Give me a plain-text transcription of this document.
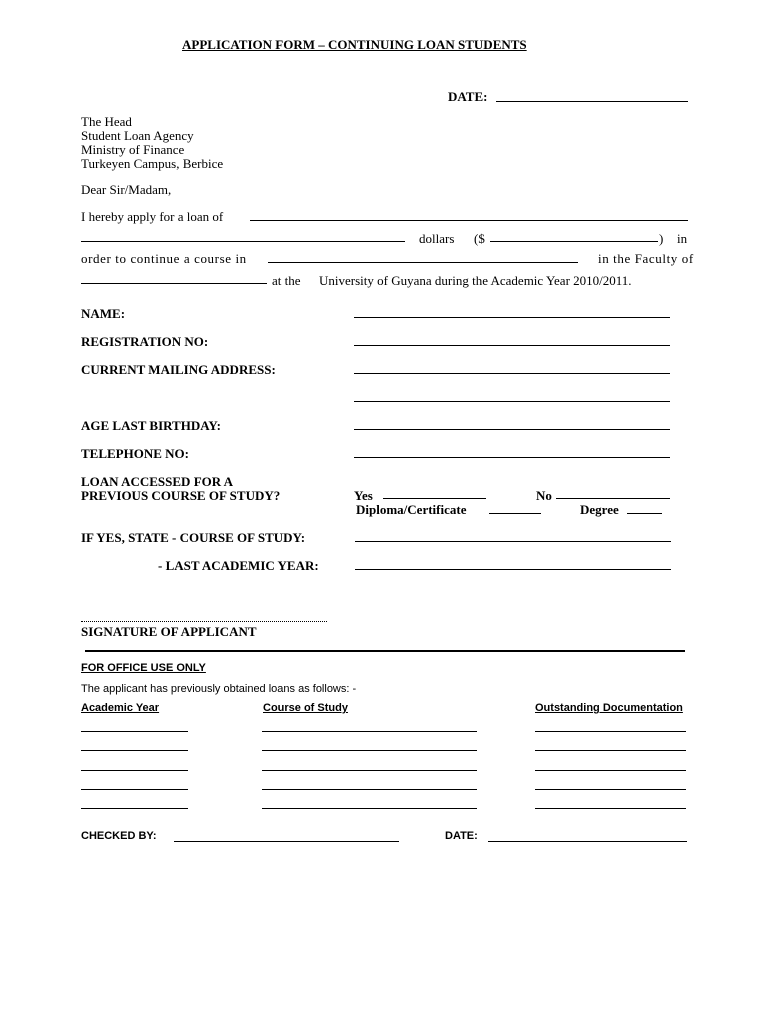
APPLICATION FORM – CONTINUING LOAN STUDENTS
DATE:
The Head
Student Loan Agency
Ministry of Finance
Turkeyen Campus, Berbice
Dear Sir/Madam,
I hereby apply for a loan of
dollars ($	) in
order to continue a course in	in the Faculty of
at the University of Guyana during the Academic Year 2010/2011.
NAME:
REGISTRATION NO:
CURRENT MAILING ADDRESS:
AGE LAST BIRTHDAY:
TELEPHONE NO:
LOAN ACCESSED FOR A
PREVIOUS COURSE OF STUDY?	Yes	No
Diploma/Certificate	Degree
IF YES, STATE - COURSE OF STUDY:
- LAST ACADEMIC YEAR:
SIGNATURE OF APPLICANT
FOR OFFICE USE ONLY
The applicant has previously obtained loans as follows: -
Academic Year	Course of Study	Outstanding Documentation
CHECKED BY:	DATE:
